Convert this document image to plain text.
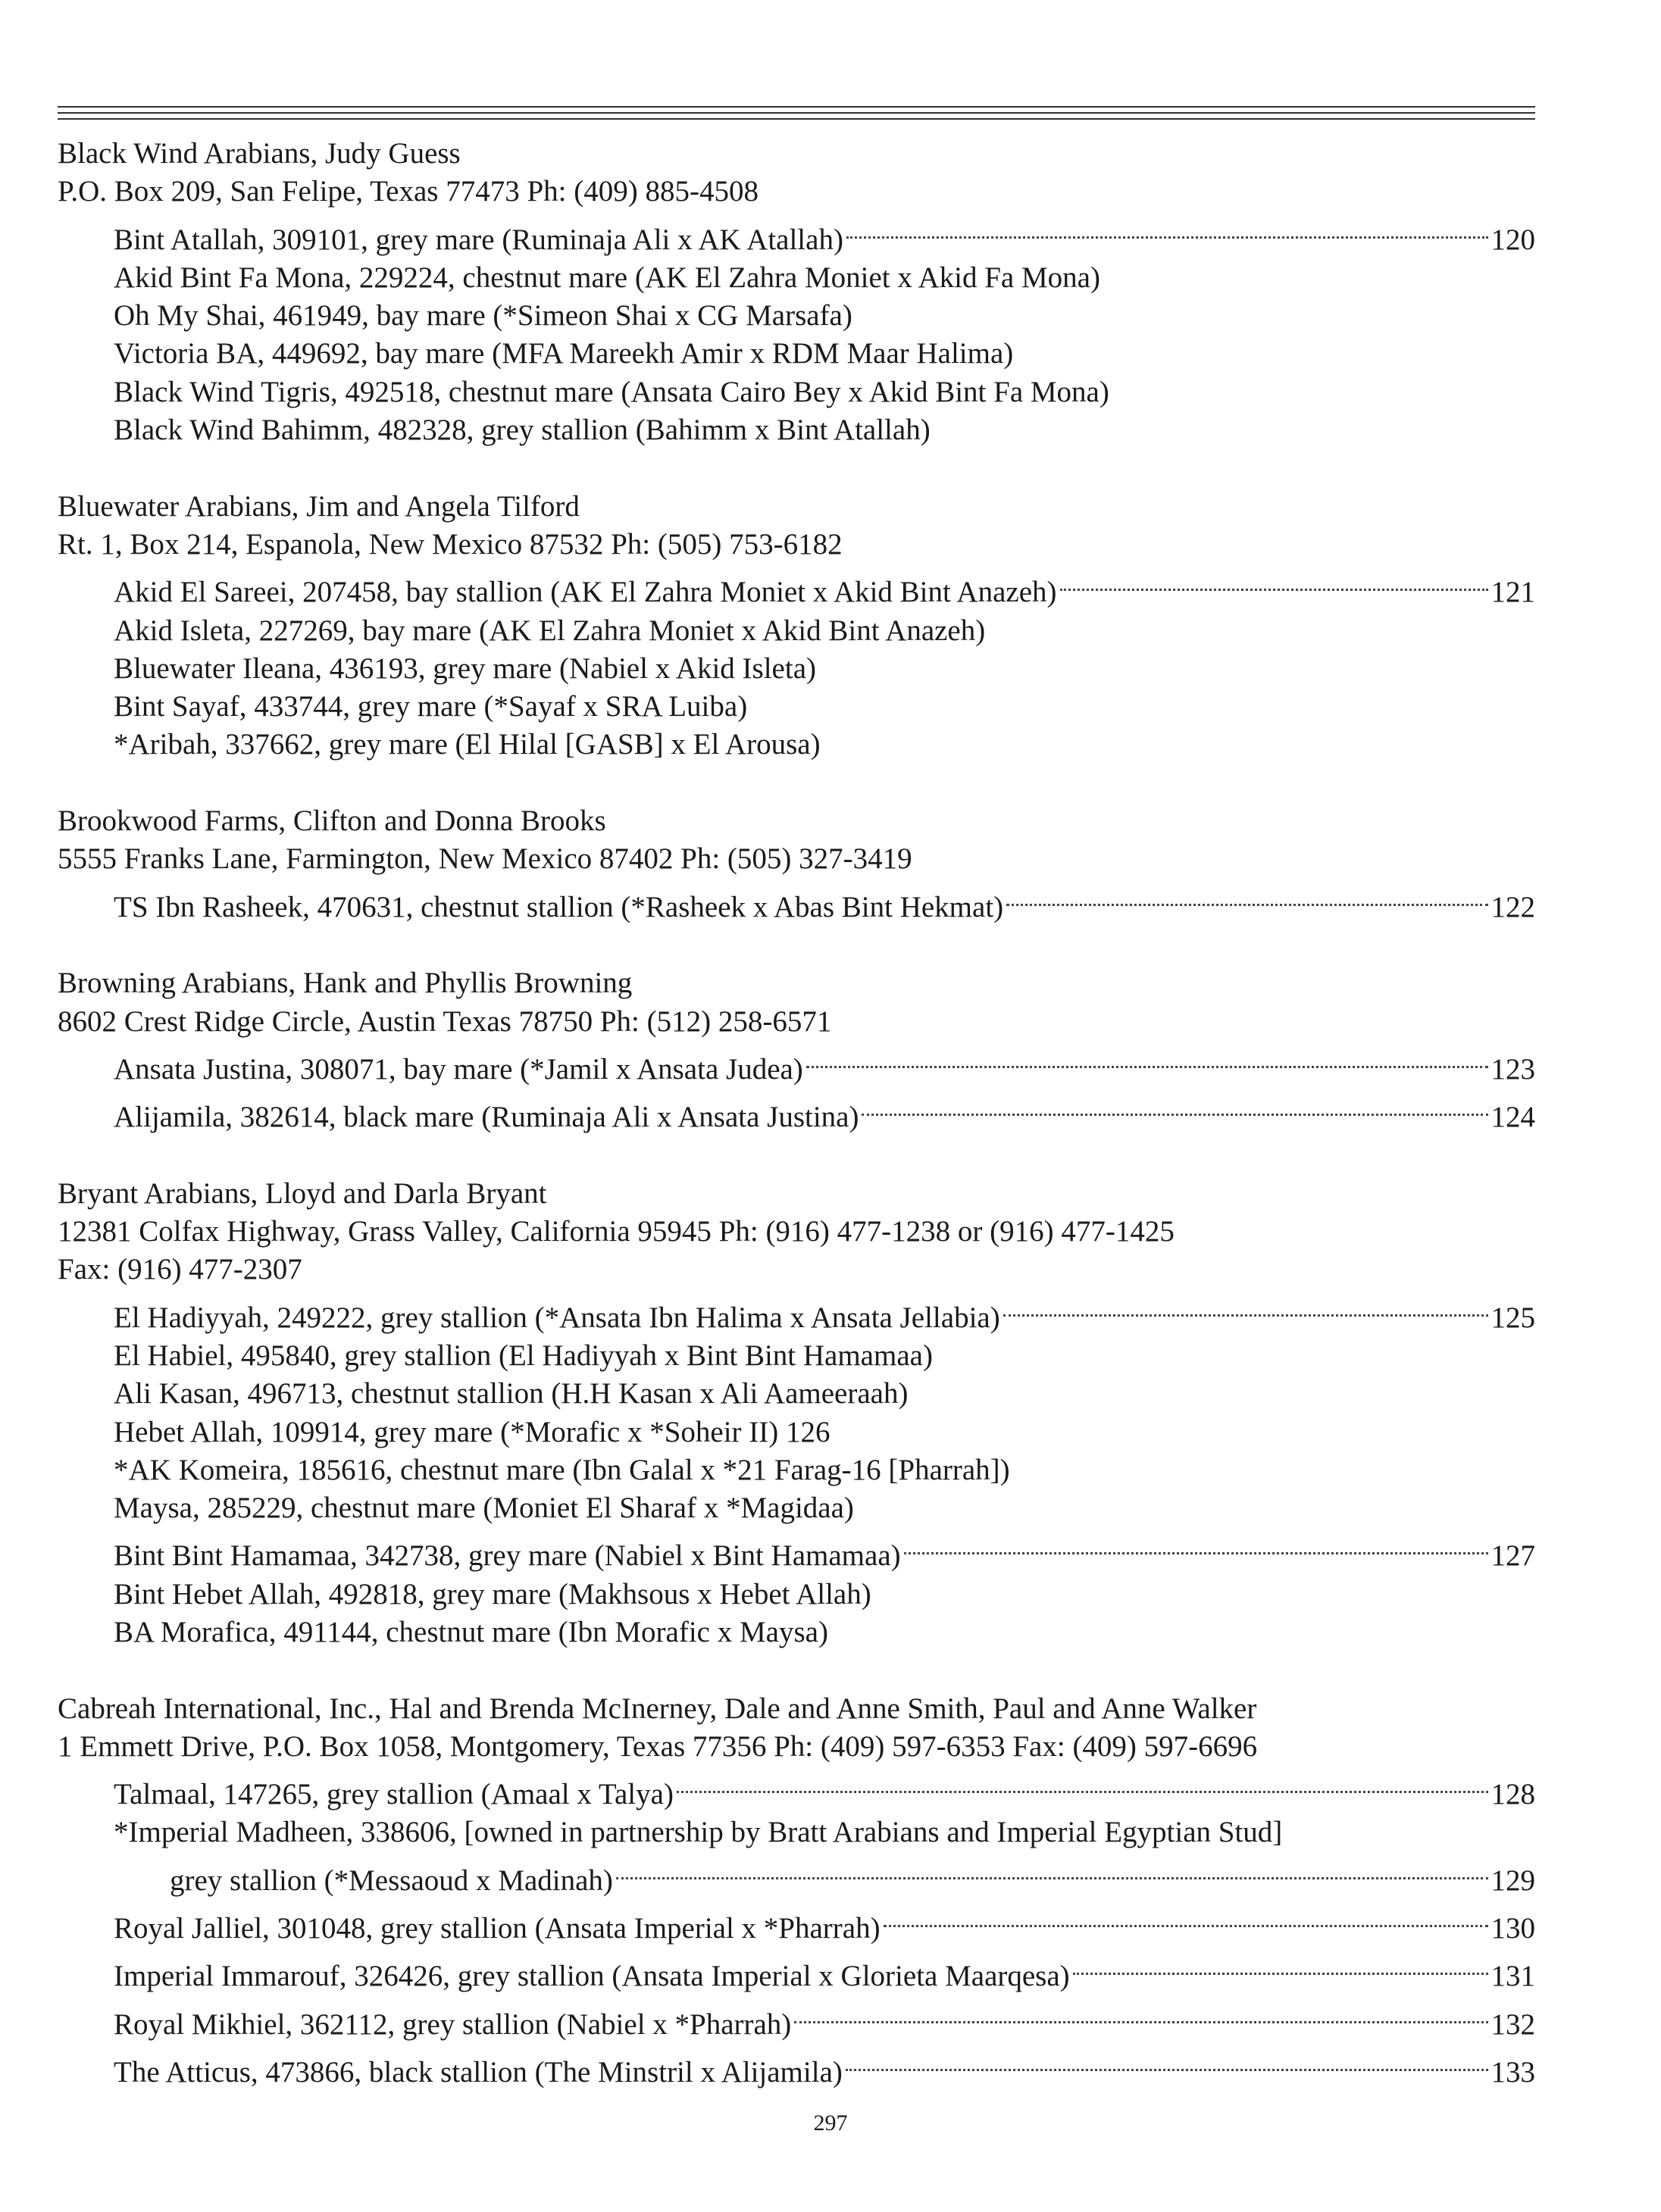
Black Wind Arabians, Judy Guess
P.O. Box 209, San Felipe, Texas 77473 Ph: (409) 885-4508
Bint Atallah, 309101, grey mare (Ruminaja Ali x AK Atallah)	120
Akid Bint Fa Mona, 229224, chestnut mare (AK El Zahra Moniet x Akid Fa Mona)
Oh My Shai, 461949, bay mare (*Simeon Shai x CG Marsafa)
Victoria BA, 449692, bay mare (MFA Mareekh Amir x RDM Maar Halima)
Black Wind Tigris, 492518, chestnut mare (Ansata Cairo Bey x Akid Bint Fa Mona)
Black Wind Bahimm, 482328, grey stallion (Bahimm x Bint Atallah)
Bluewater Arabians, Jim and Angela Tilford
Rt. 1, Box 214, Espanola, New Mexico 87532 Ph: (505) 753-6182
Akid El Sareei, 207458, bay stallion (AK El Zahra Moniet x Akid Bint Anazeh)	121
Akid Isleta, 227269, bay mare (AK El Zahra Moniet x Akid Bint Anazeh)
Bluewater Ileana, 436193, grey mare (Nabiel x Akid Isleta)
Bint Sayaf, 433744, grey mare (*Sayaf x SRA Luiba)
*Aribah, 337662, grey mare (El Hilal [GASB] x El Arousa)
Brookwood Farms, Clifton and Donna Brooks
5555 Franks Lane, Farmington, New Mexico 87402 Ph: (505) 327-3419
TS Ibn Rasheek, 470631, chestnut stallion (*Rasheek x Abas Bint Hekmat)	122
Browning Arabians, Hank and Phyllis Browning
8602 Crest Ridge Circle, Austin Texas 78750 Ph: (512) 258-6571
Ansata Justina, 308071, bay mare (*Jamil x Ansata Judea)	123
Alijamila, 382614, black mare (Ruminaja Ali x Ansata Justina)	124
Bryant Arabians, Lloyd and Darla Bryant
12381 Colfax Highway, Grass Valley, California 95945 Ph: (916) 477-1238 or (916) 477-1425
Fax: (916) 477-2307
El Hadiyyah, 249222, grey stallion (*Ansata Ibn Halima x Ansata Jellabia)	125
El Habiel, 495840, grey stallion (El Hadiyyah x Bint Bint Hamamaa)
Ali Kasan, 496713, chestnut stallion (H.H Kasan x Ali Aameeraah)
Hebet Allah, 109914, grey mare (*Morafic x *Soheir II) 126
*AK Komeira, 185616, chestnut mare (Ibn Galal x *21 Farag-16 [Pharrah])
Maysa, 285229, chestnut mare (Moniet El Sharaf x *Magidaa)
Bint Bint Hamamaa, 342738, grey mare (Nabiel x Bint Hamamaa)	127
Bint Hebet Allah, 492818, grey mare (Makhsous x Hebet Allah)
BA Morafica, 491144, chestnut mare (Ibn Morafic x Maysa)
Cabreah International, Inc., Hal and Brenda McInerney, Dale and Anne Smith, Paul and Anne Walker
1 Emmett Drive, P.O. Box 1058, Montgomery, Texas 77356 Ph: (409) 597-6353 Fax: (409) 597-6696
Talmaal, 147265, grey stallion (Amaal x Talya)	128
*Imperial Madheen, 338606, [owned in partnership by Bratt Arabians and Imperial Egyptian Stud]
grey stallion (*Messaoud x Madinah)	129
Royal Jalliel, 301048, grey stallion (Ansata Imperial x *Pharrah)	130
Imperial Immarouf, 326426, grey stallion (Ansata Imperial x Glorieta Maarqesa)	131
Royal Mikhiel, 362112, grey stallion (Nabiel x *Pharrah)	132
The Atticus, 473866, black stallion (The Minstril x Alijamila)	133
297
